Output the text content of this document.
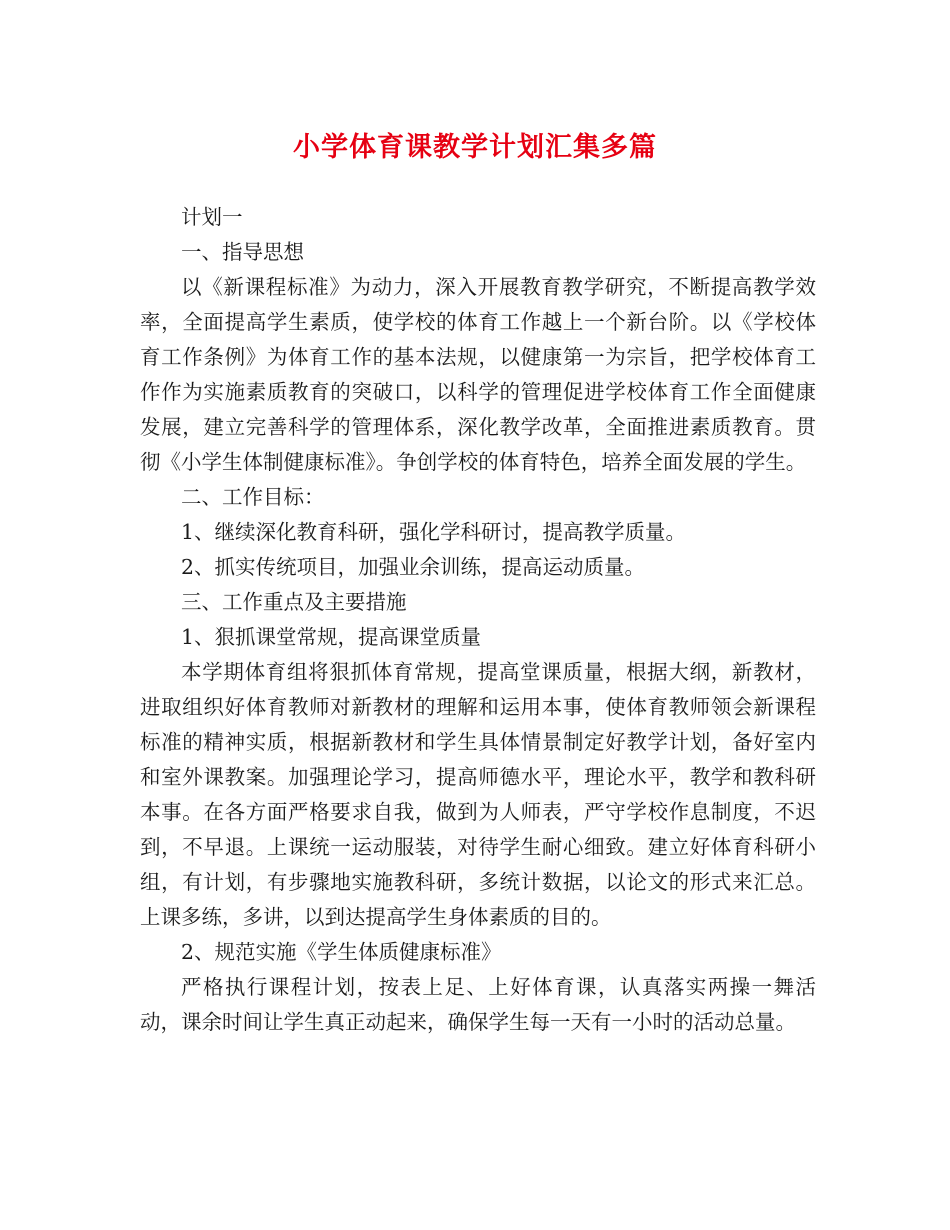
小学体育课教学计划汇集多篇

计划一

一、指导思想

以《新课程标准》为动力，深入开展教育教学研究，不断提高教学效率，全面提高学生素质，使学校的体育工作越上一个新台阶。以《学校体育工作条例》为体育工作的基本法规，以健康第一为宗旨，把学校体育工作作为实施素质教育的突破口，以科学的管理促进学校体育工作全面健康发展，建立完善科学的管理体系，深化教学改革，全面推进素质教育。贯彻《小学生体制健康标准》。争创学校的体育特色，培养全面发展的学生。

二、工作目标：

1、继续深化教育科研，强化学科研讨，提高教学质量。

2、抓实传统项目，加强业余训练，提高运动质量。

三、工作重点及主要措施

1、狠抓课堂常规，提高课堂质量

本学期体育组将狠抓体育常规，提高堂课质量，根据大纲，新教材，进取组织好体育教师对新教材的理解和运用本事，使体育教师领会新课程标准的精神实质，根据新教材和学生具体情景制定好教学计划，备好室内和室外课教案。加强理论学习，提高师德水平，理论水平，教学和教科研本事。在各方面严格要求自我，做到为人师表，严守学校作息制度，不迟到，不早退。上课统一运动服装，对待学生耐心细致。建立好体育科研小组，有计划，有步骤地实施教科研，多统计数据，以论文的形式来汇总。上课多练，多讲，以到达提高学生身体素质的目的。

2、规范实施《学生体质健康标准》

严格执行课程计划，按表上足、上好体育课，认真落实两操一舞活动，课余时间让学生真正动起来，确保学生每一天有一小时的活动总量。
